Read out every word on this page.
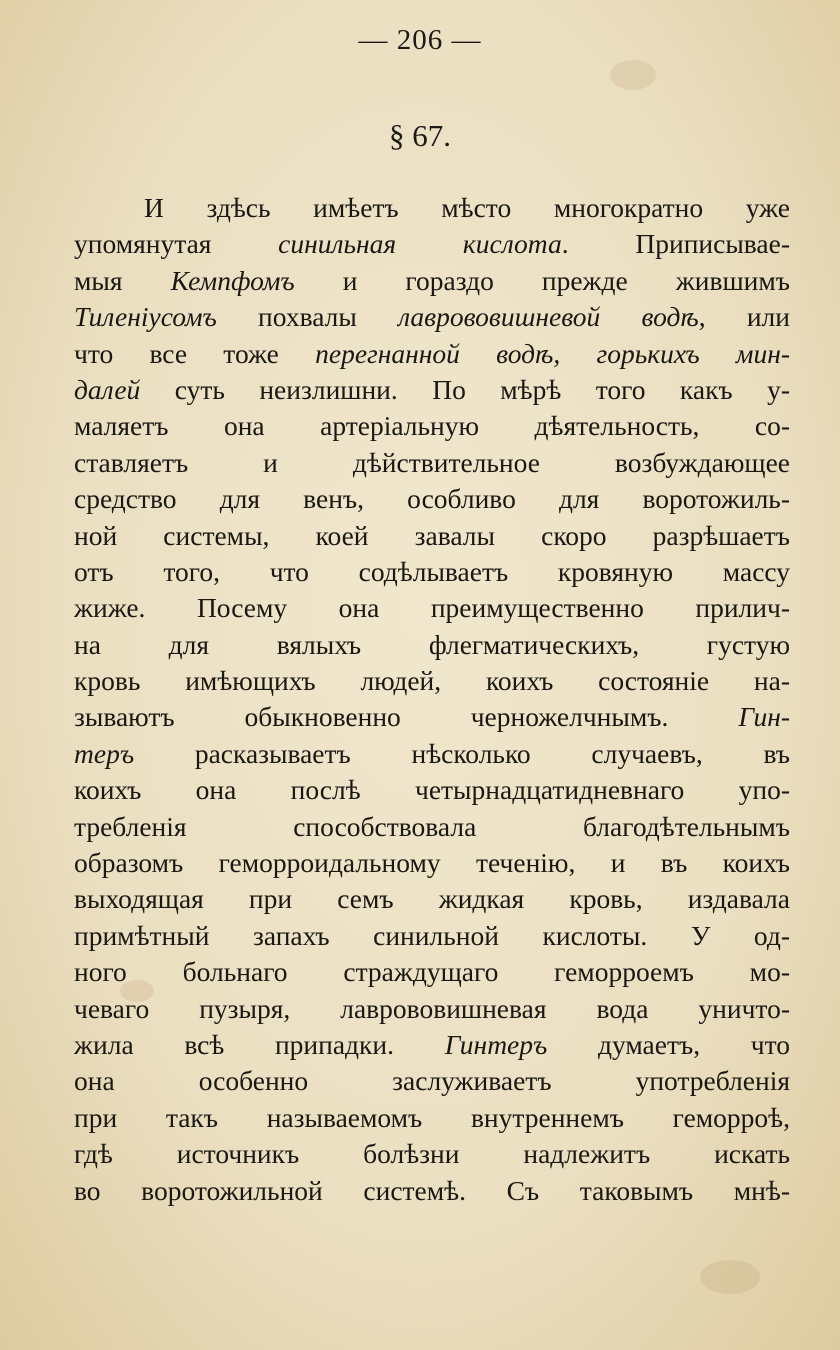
— 206 —
§ 67.
И здѣсь имѣетъ мѣсто многократно уже
упомянутая синильная кислота. Приписывае-
мыя Кемпфомъ и гораздо прежде жившимъ
Тиленiусомъ похвалы лаврововишневой водѣ, или
что все тоже перегнанной водѣ, горькихъ мин-
далей суть неизлишни. По мѣрѣ того какъ у-
маляетъ она артерiальную дѣятельность, со-
ставляетъ и дѣйствительное возбуждающее
средство для венъ, особливо для воротожиль-
ной системы, коей завалы скоро разрѣшаетъ
отъ того, что содѣлываетъ кровяную массу
жиже. Посему она преимущественно прилич-
на для вялыхъ флегматическихъ, густую
кровь имѣющихъ людей, коихъ состоянiе на-
зываютъ обыкновенно черножелчнымъ. Гин-
теръ расказываетъ нѣсколько случаевъ, въ
коихъ она послѣ четырнадцатидневнаго упо-
требленiя способствовала благодѣтельнымъ
образомъ геморроидальному теченiю, и въ коихъ
выходящая при семъ жидкая кровь, издавала
примѣтный запахъ синильной кислоты. У од-
ного больнаго страждущаго геморроемъ мо-
чеваго пузыря, лаврововишневая вода уничто-
жила всѣ припадки. Гинтеръ думаетъ, что
она особенно заслуживаетъ употребленiя
при такъ называемомъ внутреннемъ геморроѣ,
гдѣ источникъ болѣзни надлежитъ искать
во воротожильной системѣ. Съ таковымъ мнѣ-
